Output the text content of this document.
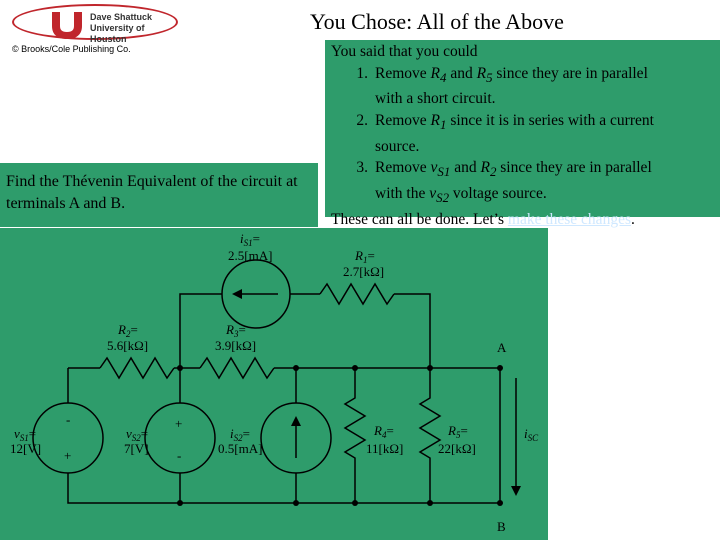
Dave Shattuck
University of Houston
© Brooks/Cole Publishing Co.
You Chose: All of the Above
You said that you could
1. Remove $R_4$ and $R_5$ since they are in parallel
with a short circuit.
2. Remove $R_1$ since it is in series with a current
source.
3. Remove $v_{S1}$ and $R_2$ since they are in parallel
with the $v_{S2}$ voltage source.
These can all be done. Let’s make these changes.
Find the Thévenin Equivalent of the circuit at terminals A and B.
$i_{S1}=$
2.5[mA]	$R_1=$
2.7[kΩ]
$R_2=$
5.6[kΩ]
$R_3=$
3.9[kΩ]	A
B
$v_{S1}=$
12[V]
-
+
$v_{S2}=$
7[V]
+
-
$i_{S2}=$
0.5[mA]
$R_4=$
11[kΩ]
$R_5=$
22[kΩ]
$i_{SC}$
